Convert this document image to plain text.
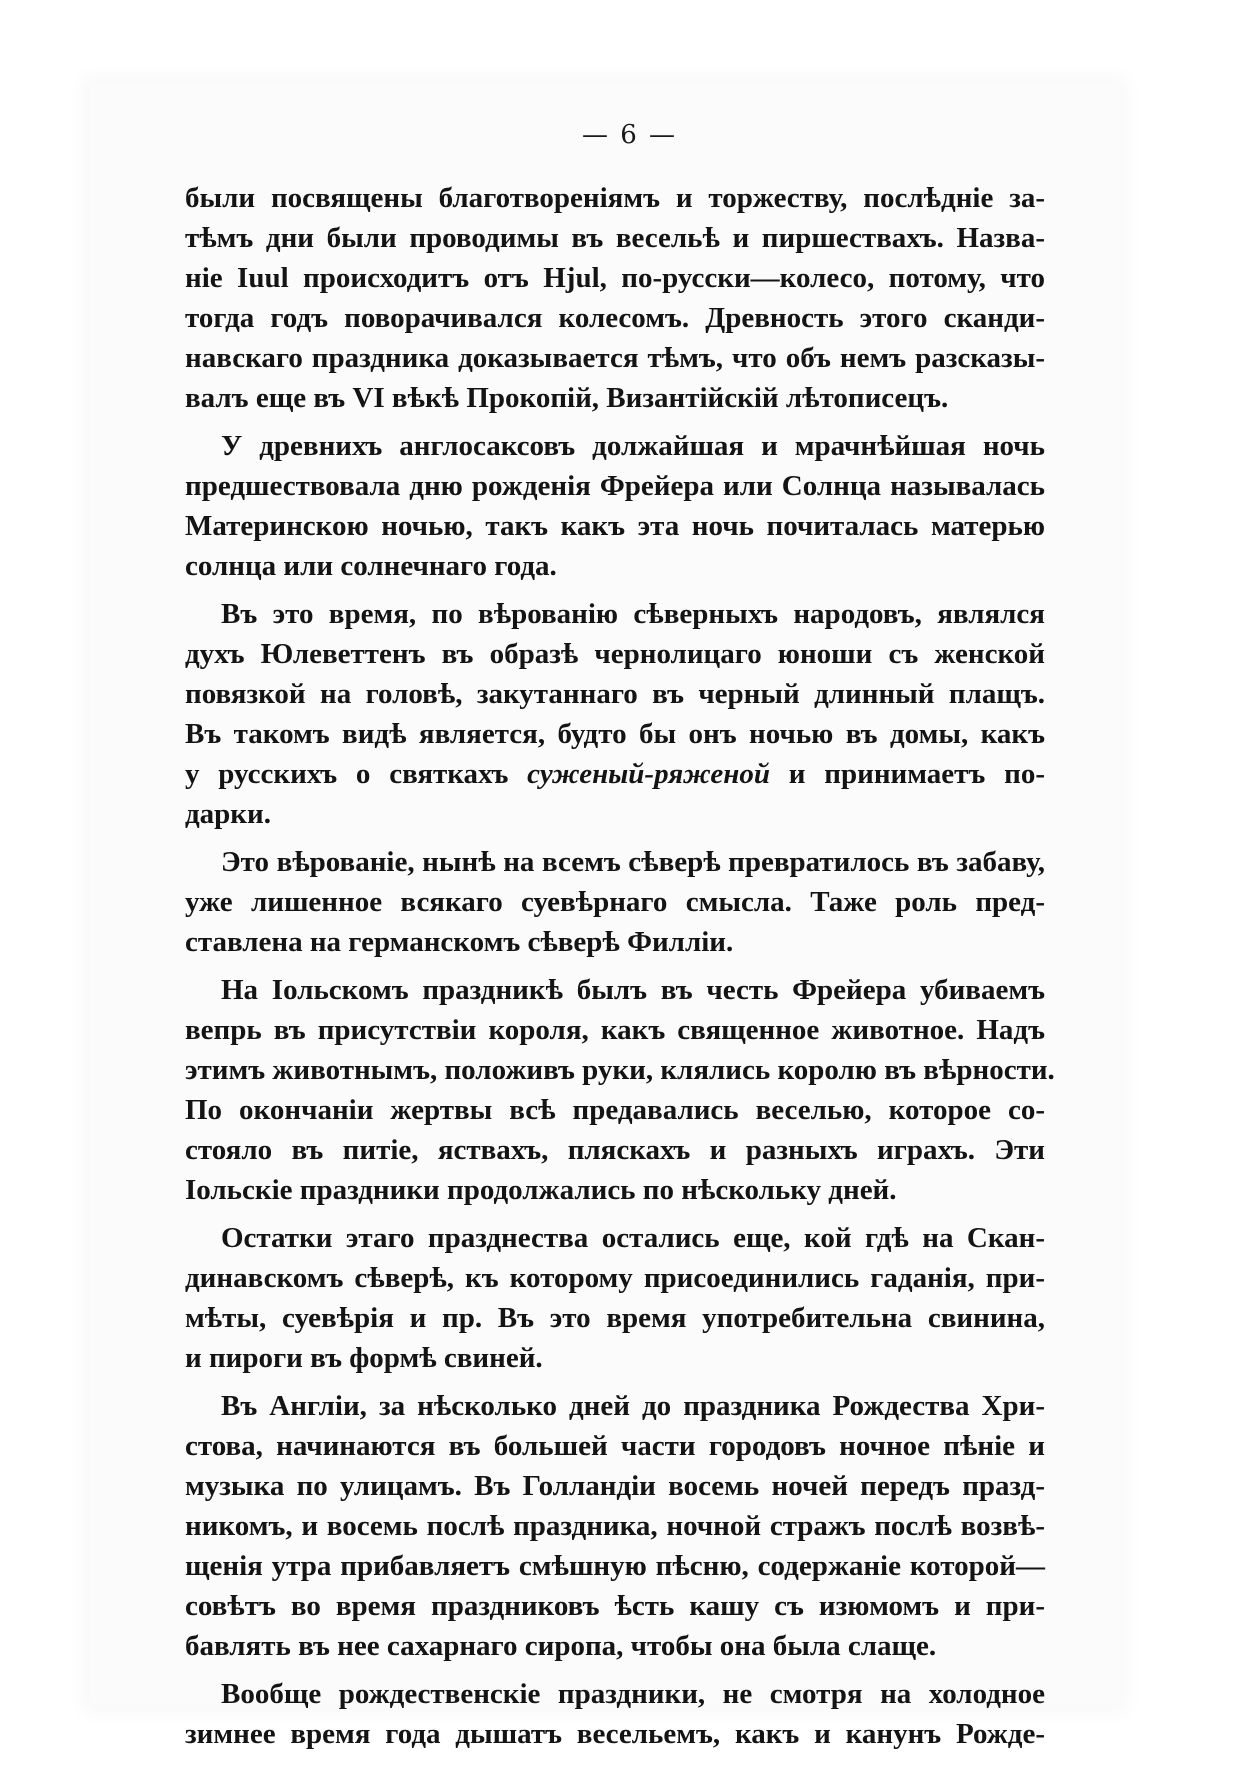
— 6 —
были посвящены благотвореніямъ и торжеству, послѣдніе за-
тѣмъ дни были проводимы въ весельѣ и пиршествахъ. Назва-
ніе Iuul происходитъ отъ Hjul, по-русски—колесо, потому, что
тогда годъ поворачивался колесомъ. Древность этого сканди-
навскаго праздника доказывается тѣмъ, что объ немъ разсказы-
валъ еще въ VI вѣкѣ Прокопій, Византійскій лѣтописецъ.
У древнихъ англосаксовъ должайшая и мрачнѣйшая ночь
предшествовала дню рожденія Фрейера или Солнца называлась
Материнскою ночью, такъ какъ эта ночь почиталась матерью
солнца или солнечнаго года.
Въ это время, по вѣрованію сѣверныхъ народовъ, являлся
духъ Юлеветтенъ въ образѣ чернолицаго юноши съ женской
повязкой на головѣ, закутаннаго въ черный длинный плащъ.
Въ такомъ видѣ является, будто бы онъ ночью въ домы, какъ
у русскихъ о святкахъ суженый-ряженой и принимаетъ по-
дарки.
Это вѣрованіе, нынѣ на всемъ сѣверѣ превратилось въ забаву,
уже лишенное всякаго суевѣрнаго смысла. Таже роль пред-
ставлена на германскомъ сѣверѣ Филліи.
На Іольскомъ праздникѣ былъ въ честь Фрейера убиваемъ
вепрь въ присутствіи короля, какъ священное животное. Надъ
этимъ животнымъ, положивъ руки, клялись королю въ вѣрности.
По окончаніи жертвы всѣ предавались веселью, которое со-
стояло въ питіе, яствахъ, пляскахъ и разныхъ играхъ. Эти
Іольскіе праздники продолжались по нѣскольку дней.
Остатки этаго празднества остались еще, кой гдѣ на Скан-
динавскомъ сѣверѣ, къ которому присоединились гаданія, при-
мѣты, суевѣрія и пр. Въ это время употребительна свинина,
и пироги въ формѣ свиней.
Въ Англіи, за нѣсколько дней до праздника Рождества Хри-
стова, начинаются въ большей части городовъ ночное пѣніе и
музыка по улицамъ. Въ Голландіи восемь ночей передъ празд-
никомъ, и восемь послѣ праздника, ночной стражъ послѣ возвѣ-
щенія утра прибавляетъ смѣшную пѣсню, содержаніе которой—
совѣтъ во время праздниковъ ѣсть кашу съ изюмомъ и при-
бавлять въ нее сахарнаго сиропа, чтобы она была слаще.
Вообще рождественскіе праздники, не смотря на холодное
зимнее время года дышатъ весельемъ, какъ и канунъ Рожде-
